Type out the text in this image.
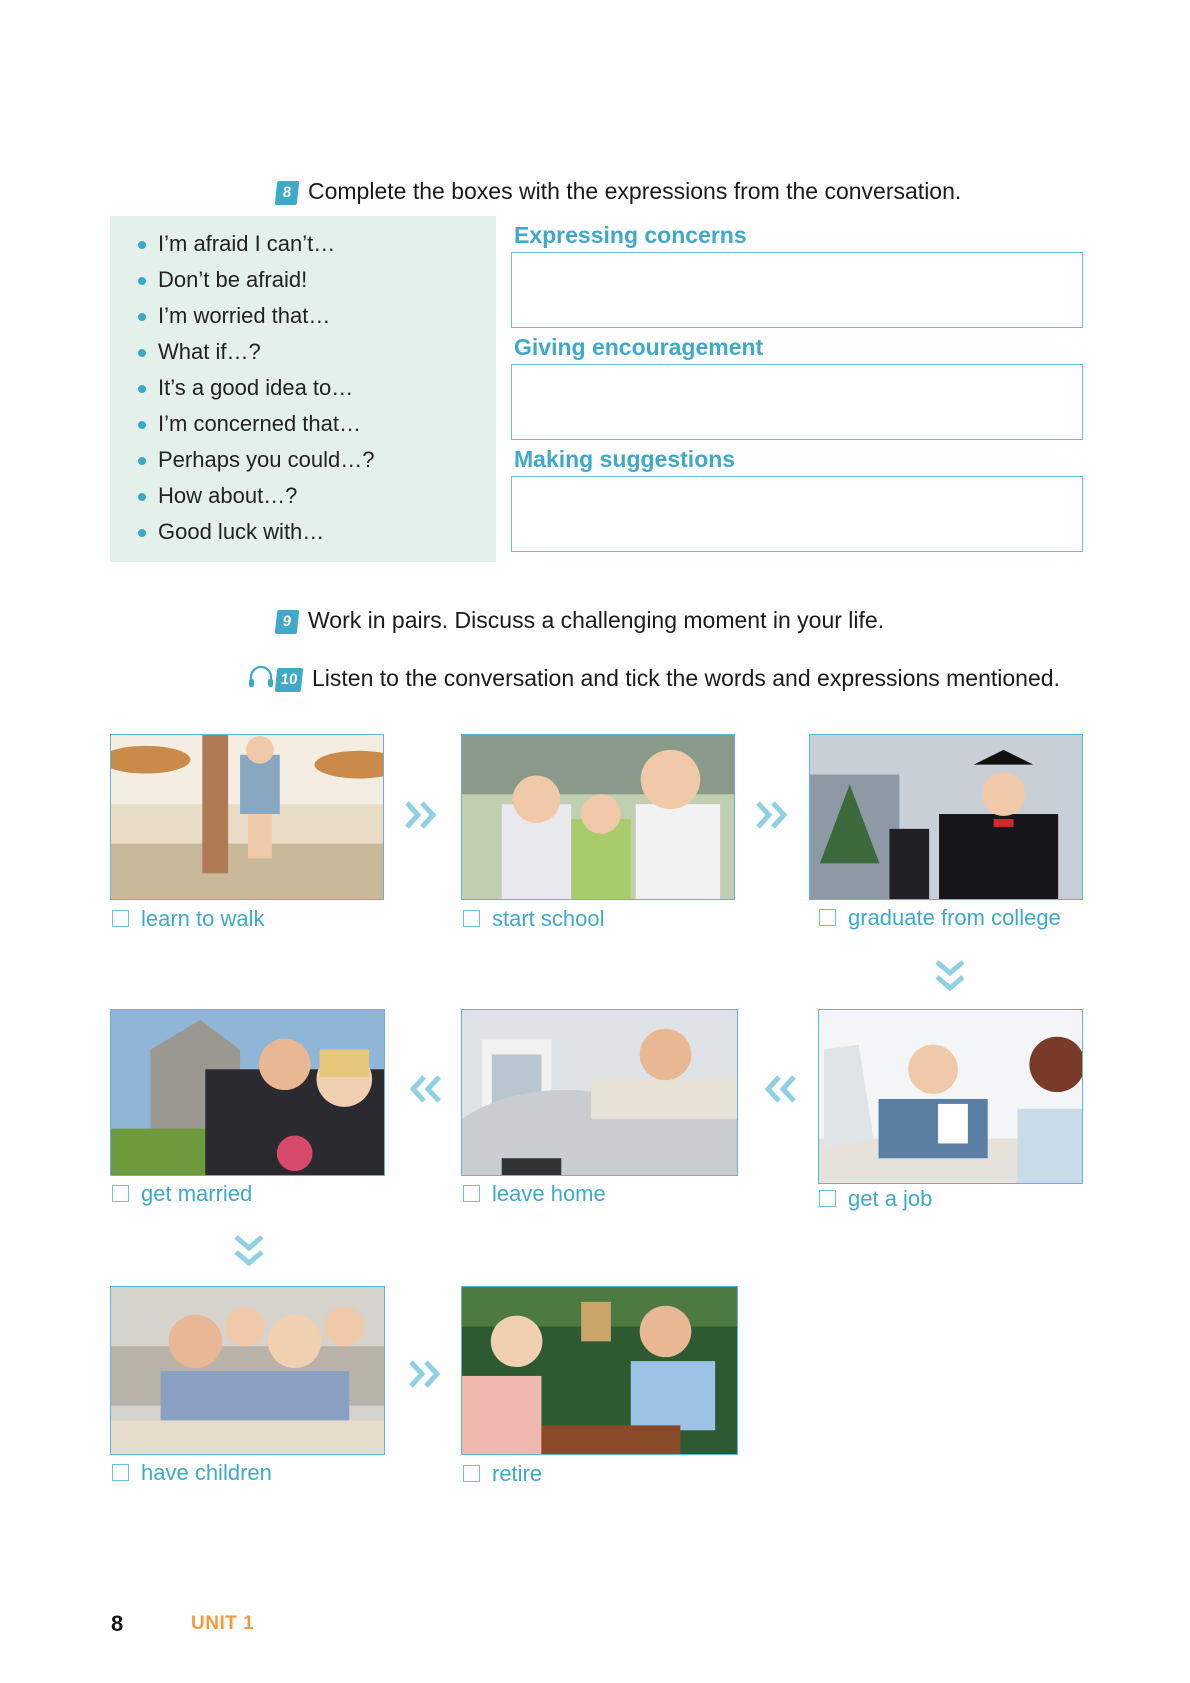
8 Complete the boxes with the expressions from the conversation.
I’m afraid I can’t…
Don’t be afraid!
I’m worried that…
What if…?
It’s a good idea to…
I’m concerned that…
Perhaps you could…?
How about…?
Good luck with…
Expressing concerns
Giving encouragement
Making suggestions
9 Work in pairs. Discuss a challenging moment in your life.
10 Listen to the conversation and tick the words and expressions mentioned.
learn to walk	start school	graduate from college
get married	leave home	get a job
have children	retire
8	UNIT 1
